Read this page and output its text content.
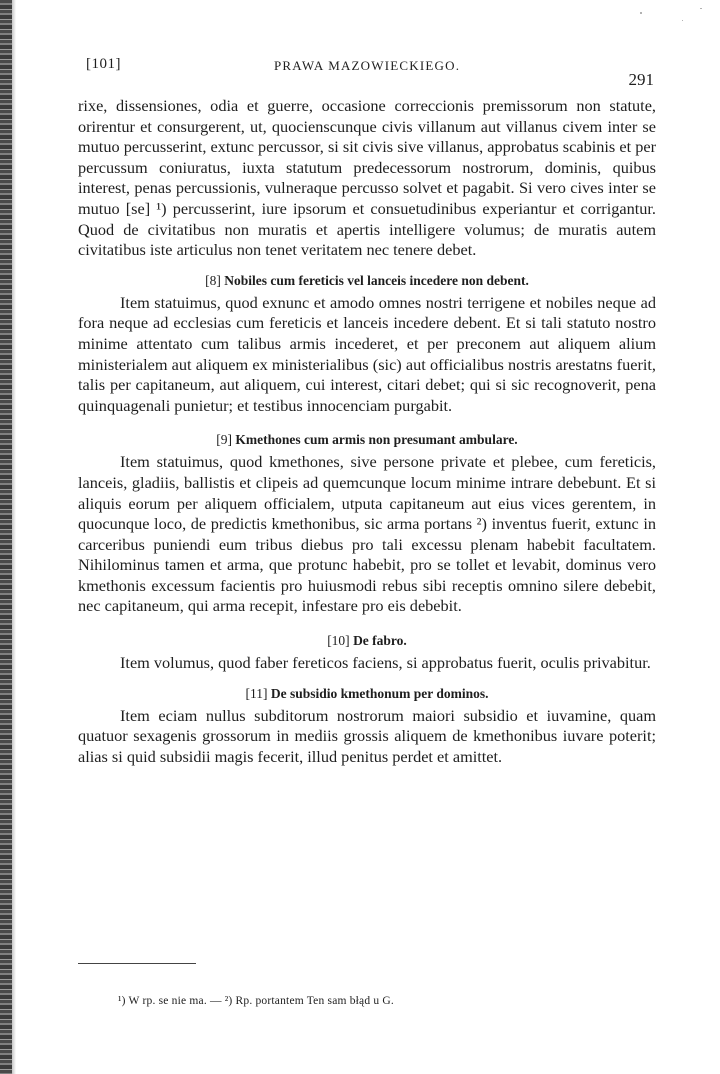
[101]	PRAWA MAZOWIECKIEGO.
291

rixe, dissensiones, odia et guerre, occasione correccionis premissorum non statute, orirentur et consurgerent, ut, quocienscunque civis villanum aut villanus civem inter se mutuo percusserint, extunc percussor, si sit civis sive villanus, approbatus scabinis et per percussum coniuratus, iuxta statutum predecessorum nostrorum, dominis, quibus interest, penas percussionis, vulneraque percusso solvet et pagabit. Si vero cives inter se mutuo [se] ¹) percusserint, iure ipsorum et consuetudinibus experiantur et corrigantur. Quod de civitatibus non muratis et apertis intelligere volumus; de muratis autem civitatibus iste articulus non tenet veritatem nec tenere debet.

[8] Nobiles cum fereticis vel lanceis incedere non debent.

Item statuimus, quod exnunc et amodo omnes nostri terrigene et nobiles neque ad fora neque ad ecclesias cum fereticis et lanceis incedere debent. Et si tali statuto nostro minime attentato cum talibus armis incederet, et per preconem aut aliquem alium ministerialem aut aliquem ex ministerialibus (sic) aut officialibus nostris arestatns fuerit, talis per capitaneum, aut aliquem, cui interest, citari debet; qui si sic recognoverit, pena quinquagenali punietur; et testibus innocenciam purgabit.

[9] Kmethones cum armis non presumant ambulare.

Item statuimus, quod kmethones, sive persone private et plebee, cum fereticis, lanceis, gladiis, ballistis et clipeis ad quemcunque locum minime intrare debebunt. Et si aliquis eorum per aliquem officialem, utputa capitaneum aut eius vices gerentem, in quocunque loco, de predictis kmethonibus, sic arma portans ²) inventus fuerit, extunc in carceribus puniendi eum tribus diebus pro tali excessu plenam habebit facultatem. Nihilominus tamen et arma, que protunc habebit, pro se tollet et levabit, dominus vero kmethonis excessum facientis pro huiusmodi rebus sibi receptis omnino silere debebit, nec capitaneum, qui arma recepit, infestare pro eis debebit.

[10] De fabro.

Item volumus, quod faber fereticos faciens, si approbatus fuerit, oculis privabitur.

[11] De subsidio kmethonum per dominos.

Item eciam nullus subditorum nostrorum maiori subsidio et iuvamine, quam quatuor sexagenis grossorum in mediis grossis aliquem de kmethonibus iuvare poterit; alias si quid subsidii magis fecerit, illud penitus perdet et amittet.

¹) W rp. se nie ma. — ²) Rp. portantem Ten sam błąd u G.
